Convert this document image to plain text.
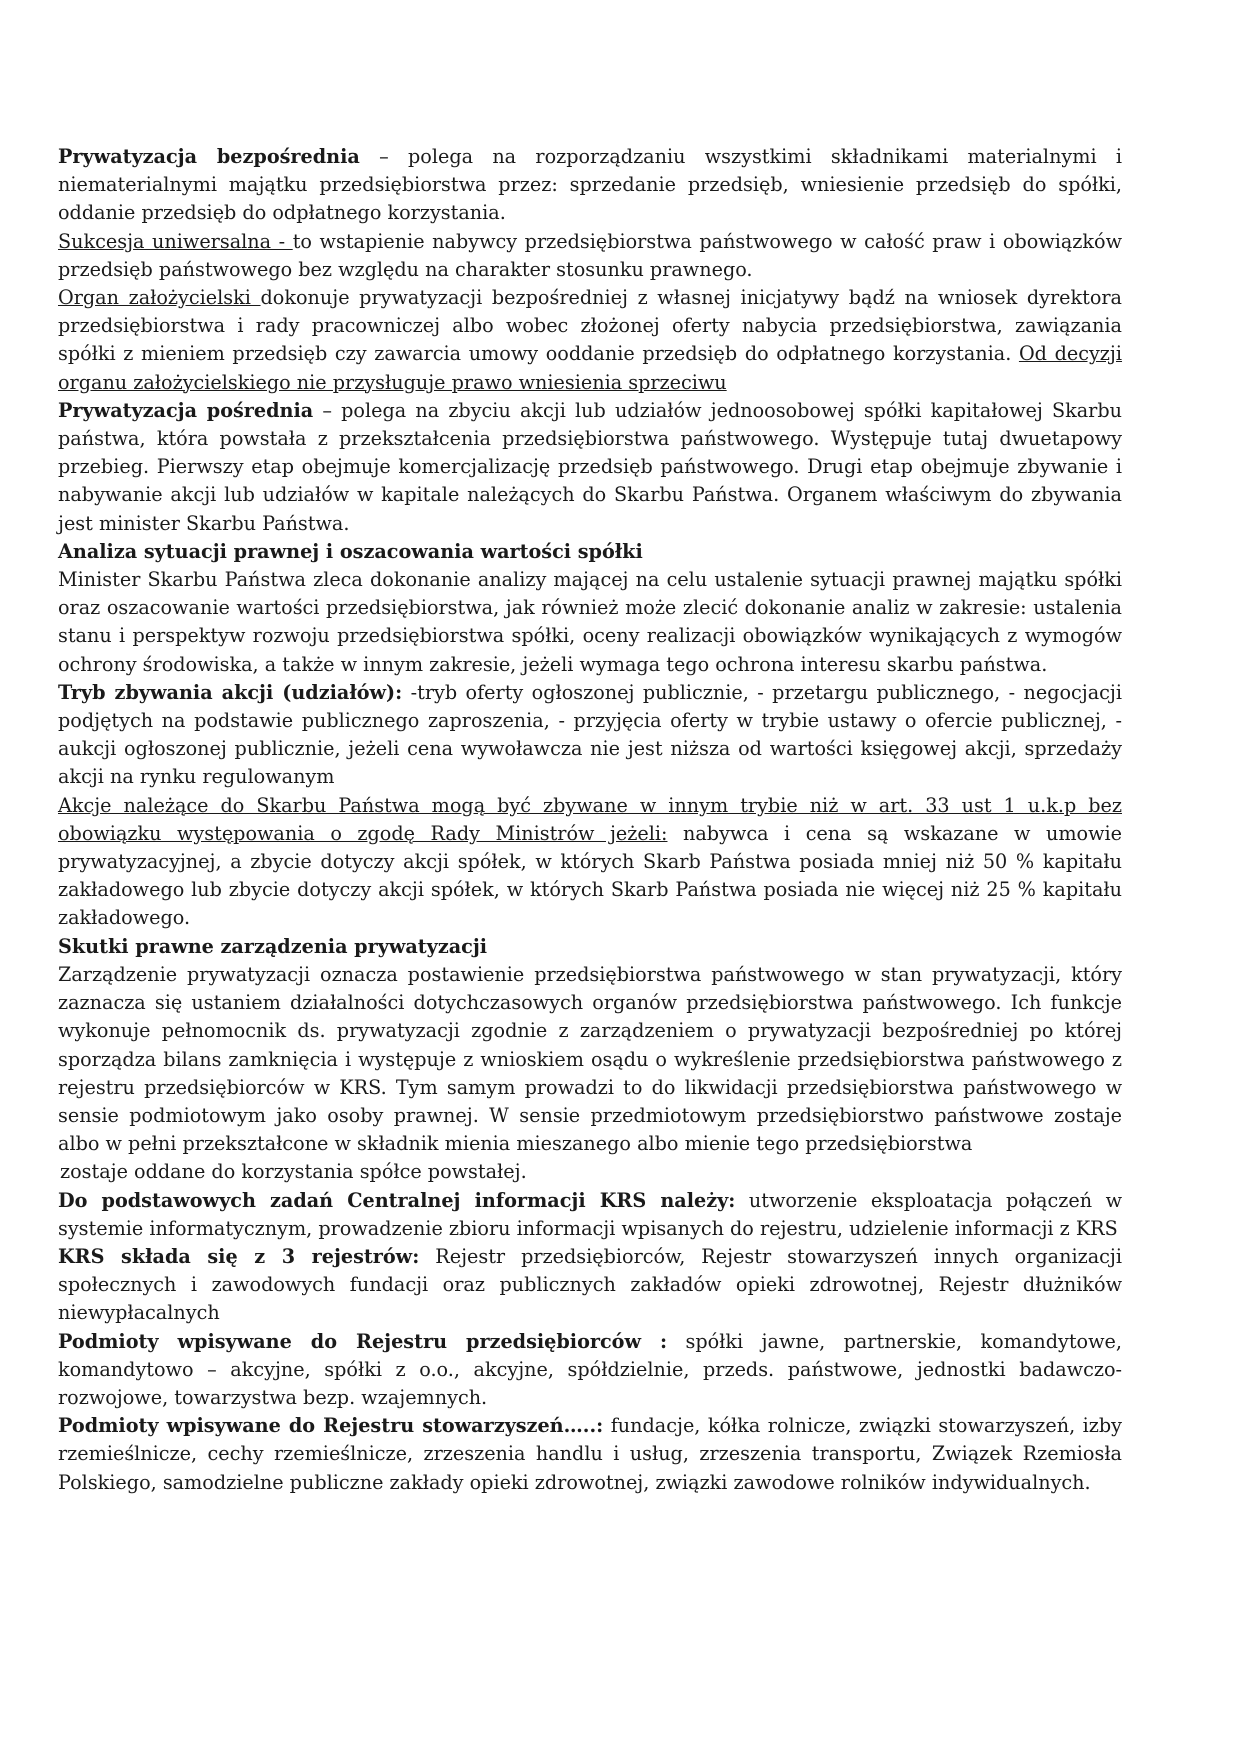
Prywatyzacja bezpośrednia – polega na rozporządzaniu wszystkimi składnikami materialnymi i niematerialnymi majątku przedsiębiorstwa przez: sprzedanie przedsięb, wniesienie przedsięb do spółki, oddanie przedsięb do odpłatnego korzystania.

Sukcesja uniwersalna - to wstapienie nabywcy przedsiębiorstwa państwowego w całość praw i obowiązków przedsięb państwowego bez względu na charakter stosunku prawnego.

Organ założycielski dokonuje prywatyzacji bezpośredniej z własnej inicjatywy bądź na wniosek dyrektora przedsiębiorstwa i rady pracowniczej albo wobec złożonej oferty nabycia przedsiębiorstwa, zawiązania spółki z mieniem przedsięb czy zawarcia umowy ooddanie przedsięb do odpłatnego korzystania. Od decyzji organu założycielskiego nie przysługuje prawo wniesienia sprzeciwu

Prywatyzacja pośrednia – polega na zbyciu akcji lub udziałów jednoosobowej spółki kapitałowej Skarbu państwa, która powstała z przekształcenia przedsiębiorstwa państwowego. Występuje tutaj dwuetapowy przebieg. Pierwszy etap obejmuje komercjalizację przedsięb państwowego. Drugi etap obejmuje zbywanie i nabywanie akcji lub udziałów w kapitale należących do Skarbu Państwa. Organem właściwym do zbywania jest minister Skarbu Państwa.

Analiza sytuacji prawnej i oszacowania wartości spółki

Minister Skarbu Państwa zleca dokonanie analizy mającej na celu ustalenie sytuacji prawnej majątku spółki oraz oszacowanie wartości przedsiębiorstwa, jak również może zlecić dokonanie analiz w zakresie: ustalenia stanu i perspektyw rozwoju przedsiębiorstwa spółki, oceny realizacji obowiązków wynikających z wymogów ochrony środowiska, a także w innym zakresie, jeżeli wymaga tego ochrona interesu skarbu państwa.

Tryb zbywania akcji (udziałów): -tryb oferty ogłoszonej publicznie, - przetargu publicznego, - negocjacji podjętych na podstawie publicznego zaproszenia, - przyjęcia oferty w trybie ustawy o ofercie publicznej, - aukcji ogłoszonej publicznie, jeżeli cena wywoławcza nie jest niższa od wartości księgowej akcji, sprzedaży akcji na rynku regulowanym

Akcje należące do Skarbu Państwa mogą być zbywane w innym trybie niż w art. 33 ust 1 u.k.p bez obowiązku występowania o zgodę Rady Ministrów jeżeli: nabywca i cena są wskazane w umowie prywatyzacyjnej, a zbycie dotyczy akcji spółek, w których Skarb Państwa posiada mniej niż 50 % kapitału zakładowego lub zbycie dotyczy akcji spółek, w których Skarb Państwa posiada nie więcej niż 25 % kapitału zakładowego.

Skutki prawne zarządzenia prywatyzacji

Zarządzenie prywatyzacji oznacza postawienie przedsiębiorstwa państwowego w stan prywatyzacji, który zaznacza się ustaniem działalności dotychczasowych organów przedsiębiorstwa państwowego. Ich funkcje wykonuje pełnomocnik ds. prywatyzacji zgodnie z zarządzeniem o prywatyzacji bezpośredniej po której sporządza bilans zamknięcia i występuje z wnioskiem osądu o wykreślenie przedsiębiorstwa państwowego z rejestru przedsiębiorców w KRS. Tym samym prowadzi to do likwidacji przedsiębiorstwa państwowego w sensie podmiotowym jako osoby prawnej. W sensie przedmiotowym przedsiębiorstwo państwowe zostaje albo w pełni przekształcone w składnik mienia mieszanego albo mienie tego przedsiębiorstwa

zostaje oddane do korzystania spółce powstałej.

Do podstawowych zadań Centralnej informacji KRS należy: utworzenie eksploatacja połączeń w systemie informatycznym, prowadzenie zbioru informacji wpisanych do rejestru, udzielenie informacji z KRS

KRS składa się z 3 rejestrów: Rejestr przedsiębiorców, Rejestr stowarzyszeń innych organizacji społecznych i zawodowych fundacji oraz publicznych zakładów opieki zdrowotnej, Rejestr dłużników niewypłacalnych

Podmioty wpisywane do Rejestru przedsiębiorców : spółki jawne, partnerskie, komandytowe, komandytowo – akcyjne, spółki z o.o., akcyjne, spółdzielnie, przeds. państwowe, jednostki badawczo-rozwojowe, towarzystwa bezp. wzajemnych.

Podmioty wpisywane do Rejestru stowarzyszeń…..: fundacje, kółka rolnicze, związki stowarzyszeń, izby rzemieślnicze, cechy rzemieślnicze, zrzeszenia handlu i usług, zrzeszenia transportu, Związek Rzemiosła Polskiego, samodzielne publiczne zakłady opieki zdrowotnej, związki zawodowe rolników indywidualnych.
